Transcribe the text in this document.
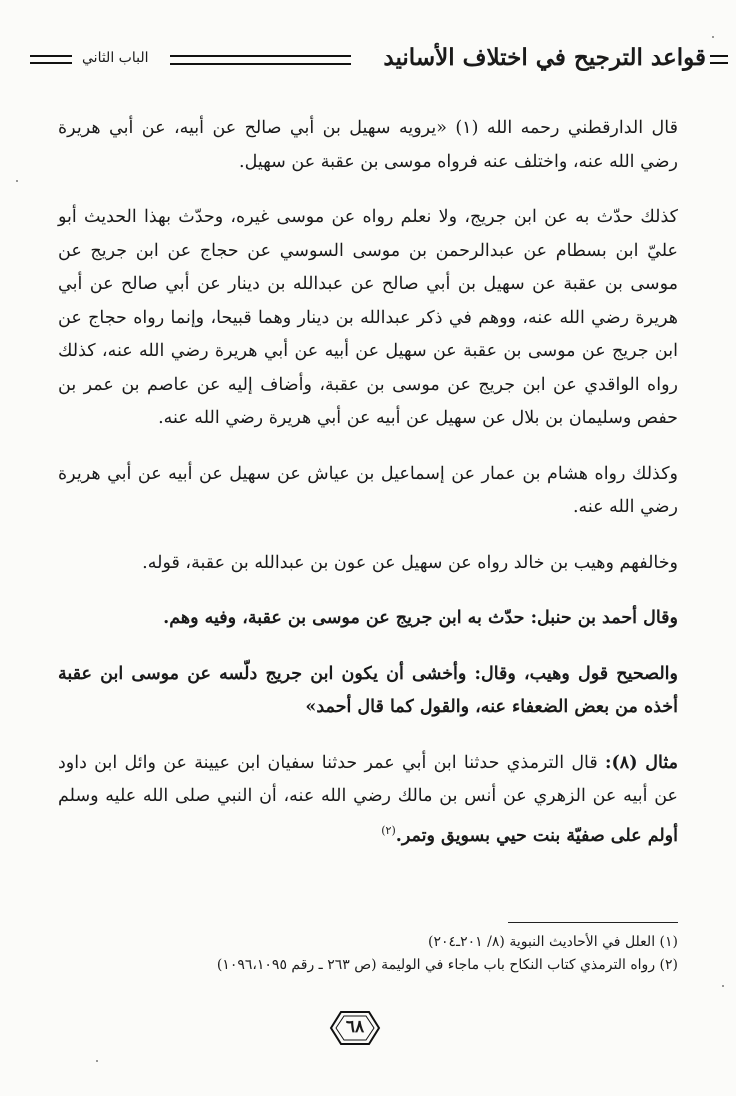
قواعد الترجيح في اختلاف الأسانيد
الباب الثاني

قال الدارقطني رحمه الله (١) «يرويه سهيل بن أبي صالح عن أبيه، عن أبي هريرة رضي الله عنه، واختلف عنه فرواه موسى بن عقبة عن سهيل.

كذلك حدّث به عن ابن جريج، ولا نعلم رواه عن موسى غيره، وحدّث بهذا الحديث أبو عليّ ابن بسطام عن عبدالرحمن بن موسى السوسي عن حجاج عن ابن جريج عن موسى بن عقبة عن سهيل بن أبي صالح عن عبدالله بن دينار عن أبي صالح عن أبي هريرة رضي الله عنه، ووهم في ذكر عبدالله بن دينار وهما قبيحا، وإنما رواه حجاج عن ابن جريج عن موسى بن عقبة عن سهيل عن أبيه عن أبي هريرة رضي الله عنه، كذلك رواه الواقدي عن ابن جريج عن موسى بن عقبة، وأضاف إليه عن عاصم بن عمر بن حفص وسليمان بن بلال عن سهيل عن أبيه عن أبي هريرة رضي الله عنه.

وكذلك رواه هشام بن عمار عن إسماعيل بن عياش عن سهيل عن أبيه عن أبي هريرة رضي الله عنه.

وخالفهم وهيب بن خالد رواه عن سهيل عن عون بن عبدالله بن عقبة، قوله.

وقال أحمد بن حنبل: حدّث به ابن جريج عن موسى بن عقبة، وفيه وهم.

والصحيح قول وهيب، وقال: وأخشى أن يكون ابن جريج دلّسه عن موسى ابن عقبة أخذه من بعض الضعفاء عنه، والقول كما قال أحمد»

مثال (٨): قال الترمذي حدثنا ابن أبي عمر حدثنا سفيان ابن عيينة عن وائل ابن داود عن أبيه عن الزهري عن أنس بن مالك رضي الله عنه، أن النبي صلى الله عليه وسلم أولم على صفيّة بنت حيي بسويق وتمر.$^{(٢)}$

(١) العلل في الأحاديث النبوية (٨/ ٢٠١ـ٢٠٤)
(٢) رواه الترمذي كتاب النكاح باب ماجاء في الوليمة (ص ٢٦٣ ـ رقم ١٠٩٦،١٠٩٥)
٦٨
